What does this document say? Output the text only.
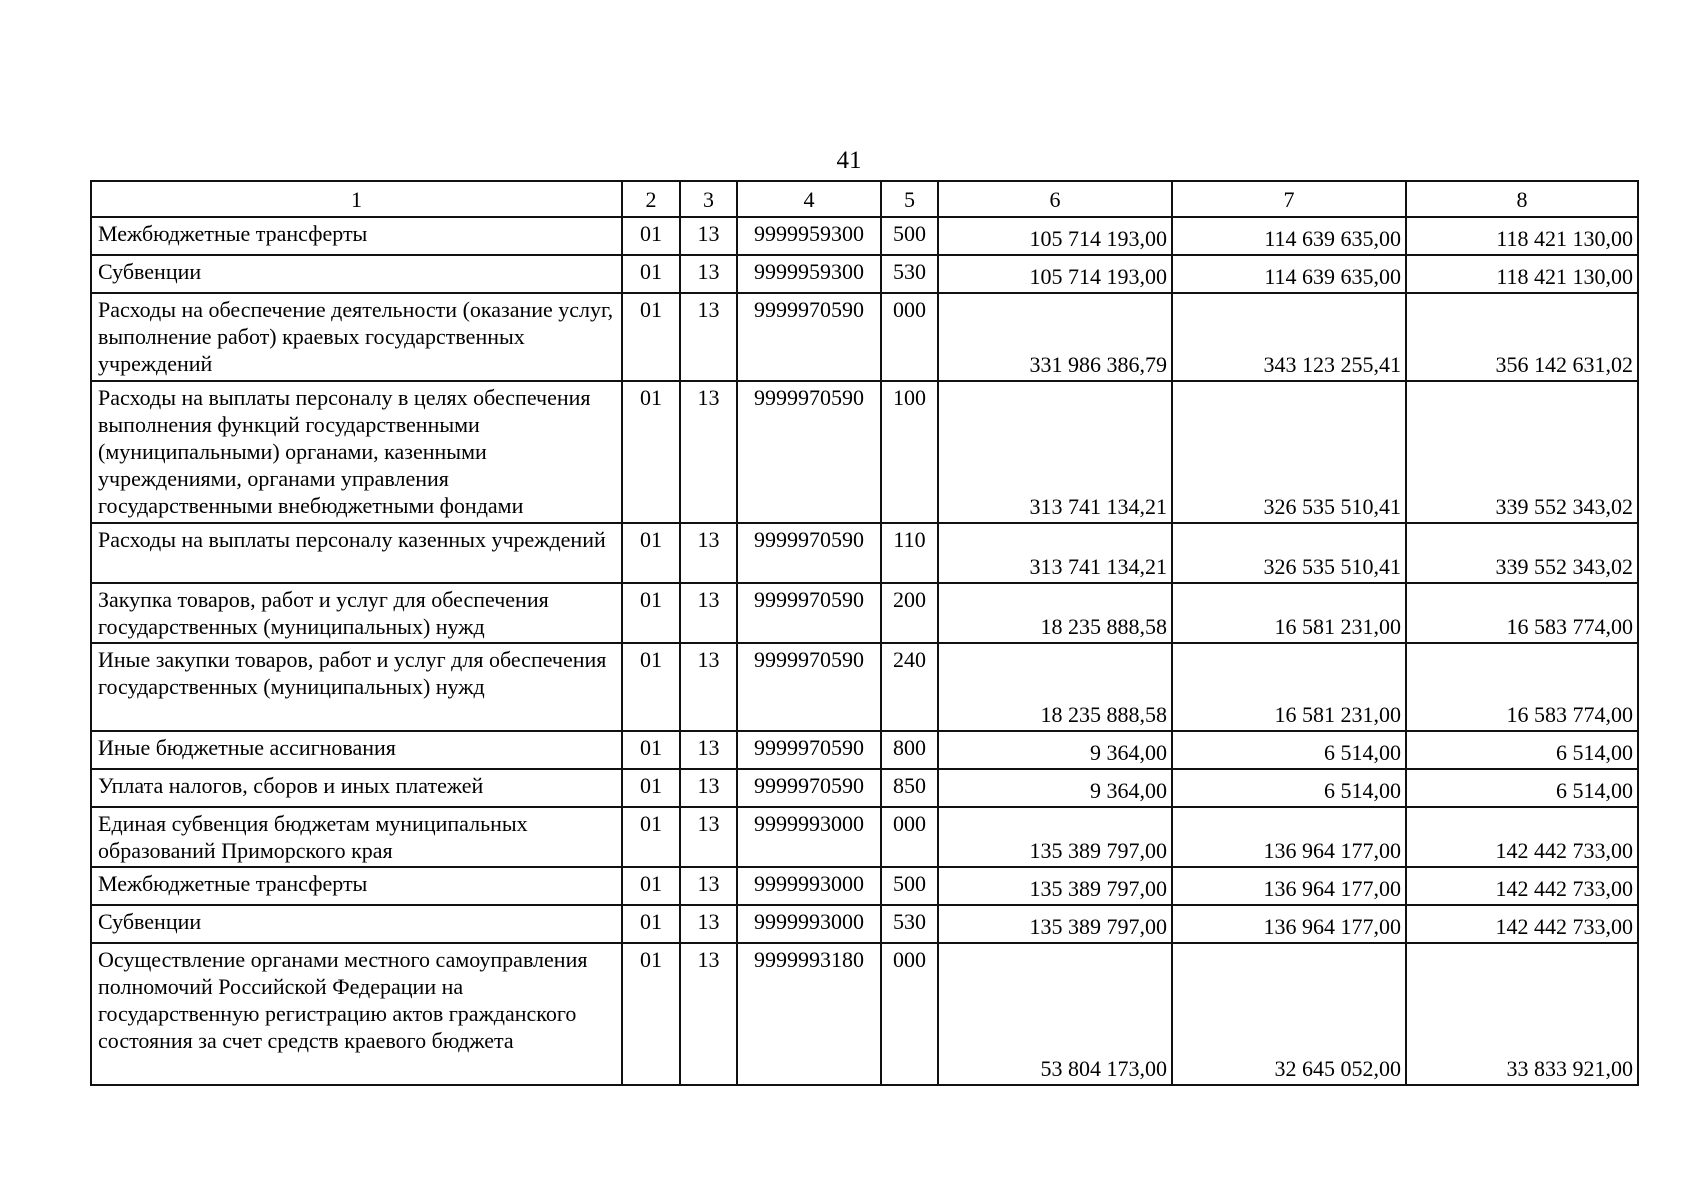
41
1	2	3	4	5	6	7	8
Межбюджетные трансферты	01	13	9999959300	500	105 714 193,00	114 639 635,00	118 421 130,00
Субвенции	01	13	9999959300	530	105 714 193,00	114 639 635,00	118 421 130,00
Расходы на обеспечение деятельности (оказание услуг, выполнение работ) краевых государственных учреждений	01	13	9999970590	000	331 986 386,79	343 123 255,41	356 142 631,02
Расходы на выплаты персоналу в целях обеспечения выполнения функций государственными (муниципальными) органами, казенными учреждениями, органами управления государственными внебюджетными фондами	01	13	9999970590	100	313 741 134,21	326 535 510,41	339 552 343,02
Расходы на выплаты персоналу казенных учреждений	01	13	9999970590	110	313 741 134,21	326 535 510,41	339 552 343,02
Закупка товаров, работ и услуг для обеспечения государственных (муниципальных) нужд	01	13	9999970590	200	18 235 888,58	16 581 231,00	16 583 774,00
Иные закупки товаров, работ и услуг для обеспечения государственных (муниципальных) нужд	01	13	9999970590	240	18 235 888,58	16 581 231,00	16 583 774,00
Иные бюджетные ассигнования	01	13	9999970590	800	9 364,00	6 514,00	6 514,00
Уплата налогов, сборов и иных платежей	01	13	9999970590	850	9 364,00	6 514,00	6 514,00
Единая субвенция бюджетам муниципальных образований Приморского края	01	13	9999993000	000	135 389 797,00	136 964 177,00	142 442 733,00
Межбюджетные трансферты	01	13	9999993000	500	135 389 797,00	136 964 177,00	142 442 733,00
Субвенции	01	13	9999993000	530	135 389 797,00	136 964 177,00	142 442 733,00
Осуществление органами местного самоуправления полномочий Российской Федерации на государственную регистрацию актов гражданского состояния за счет средств краевого бюджета	01	13	9999993180	000	53 804 173,00	32 645 052,00	33 833 921,00
